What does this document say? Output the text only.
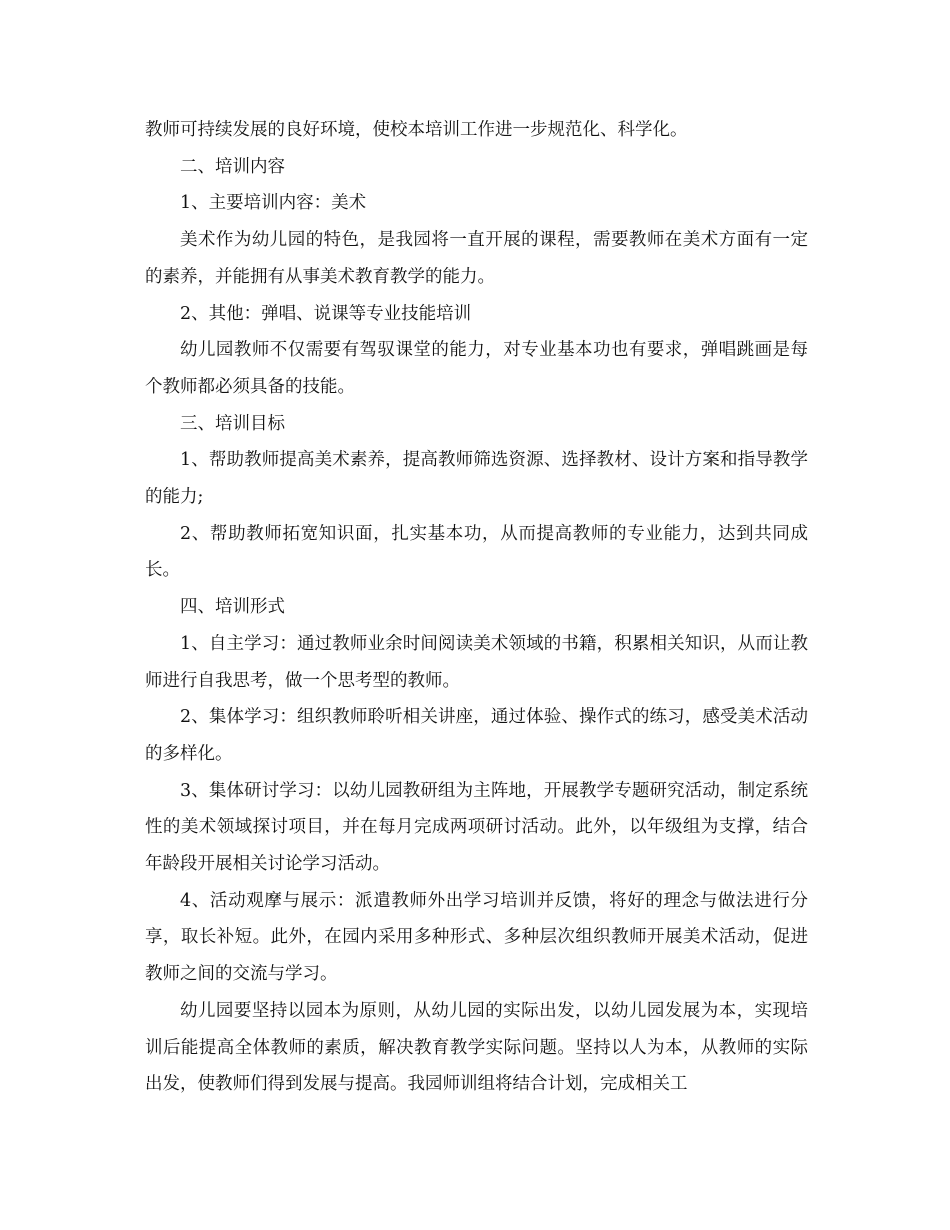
教师可持续发展的良好环境，使校本培训工作进一步规范化、科学化。

二、培训内容

1、主要培训内容：美术

美术作为幼儿园的特色，是我园将一直开展的课程，需要教师在美术方面有一定的素养，并能拥有从事美术教育教学的能力。

2、其他：弹唱、说课等专业技能培训

幼儿园教师不仅需要有驾驭课堂的能力，对专业基本功也有要求，弹唱跳画是每个教师都必须具备的技能。

三、培训目标

1、帮助教师提高美术素养，提高教师筛选资源、选择教材、设计方案和指导教学的能力;

2、帮助教师拓宽知识面，扎实基本功，从而提高教师的专业能力，达到共同成长。

四、培训形式

1、自主学习：通过教师业余时间阅读美术领域的书籍，积累相关知识，从而让教师进行自我思考，做一个思考型的教师。

2、集体学习：组织教师聆听相关讲座，通过体验、操作式的练习，感受美术活动的多样化。

3、集体研讨学习：以幼儿园教研组为主阵地，开展教学专题研究活动，制定系统性的美术领域探讨项目，并在每月完成两项研讨活动。此外，以年级组为支撑，结合年龄段开展相关讨论学习活动。

4、活动观摩与展示：派遣教师外出学习培训并反馈，将好的理念与做法进行分享，取长补短。此外，在园内采用多种形式、多种层次组织教师开展美术活动，促进教师之间的交流与学习。

幼儿园要坚持以园本为原则，从幼儿园的实际出发，以幼儿园发展为本，实现培训后能提高全体教师的素质，解决教育教学实际问题。坚持以人为本，从教师的实际出发，使教师们得到发展与提高。我园师训组将结合计划，完成相关工
